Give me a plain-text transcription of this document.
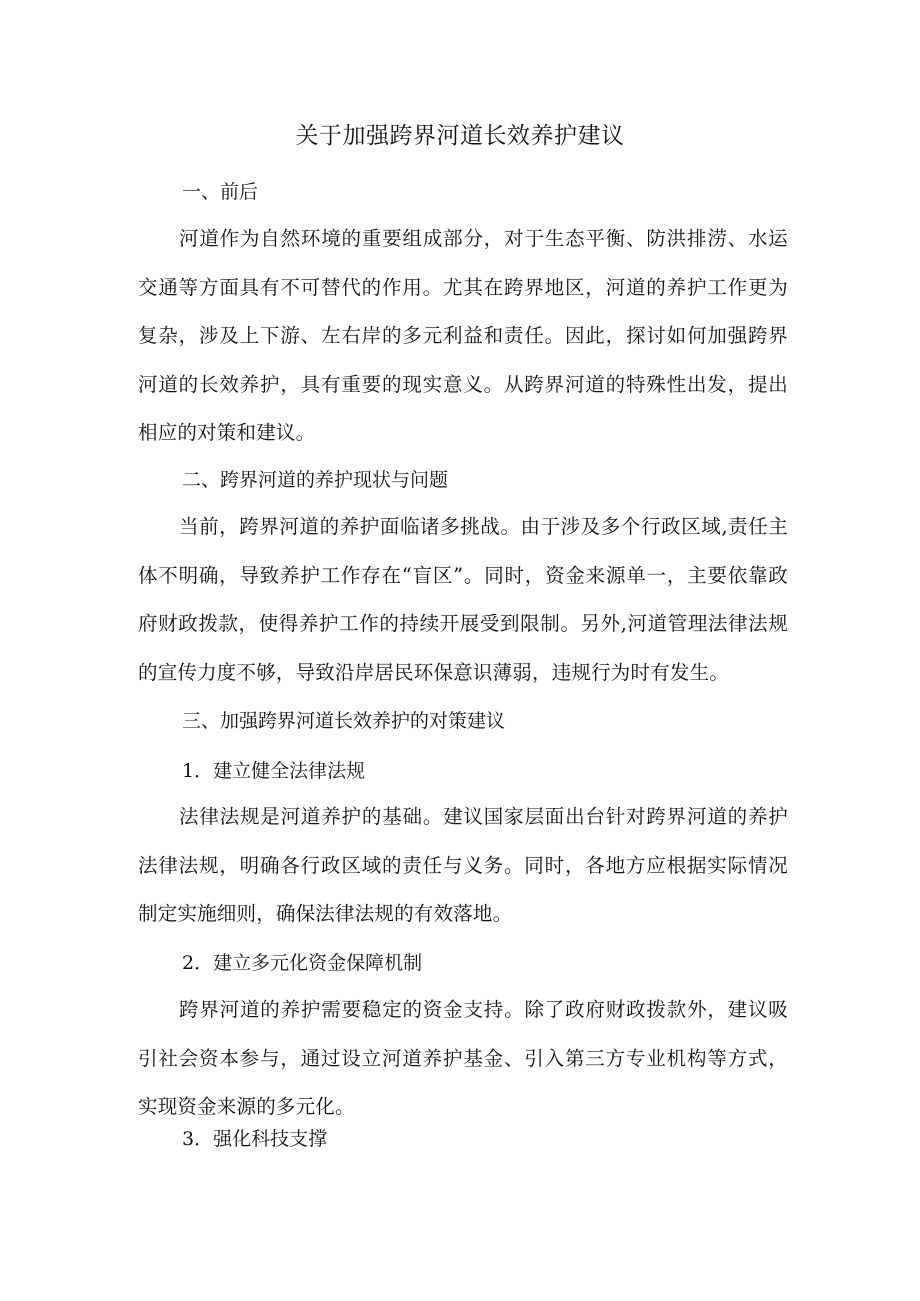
关于加强跨界河道长效养护建议
一、前后

河道作为自然环境的重要组成部分，对于生态平衡、防洪排涝、水运交通等方面具有不可替代的作用。尤其在跨界地区，河道的养护工作更为复杂，涉及上下游、左右岸的多元利益和责任。因此，探讨如何加强跨界河道的长效养护，具有重要的现实意义。从跨界河道的特殊性出发，提出相应的对策和建议。

二、跨界河道的养护现状与问题

当前，跨界河道的养护面临诸多挑战。由于涉及多个行政区域,责任主体不明确，导致养护工作存在“盲区”。同时，资金来源单一，主要依靠政府财政拨款，使得养护工作的持续开展受到限制。另外,河道管理法律法规的宣传力度不够，导致沿岸居民环保意识薄弱，违规行为时有发生。

三、加强跨界河道长效养护的对策建议
1．建立健全法律法规

法律法规是河道养护的基础。建议国家层面出台针对跨界河道的养护法律法规，明确各行政区域的责任与义务。同时，各地方应根据实际情况制定实施细则，确保法律法规的有效落地。

2．建立多元化资金保障机制

跨界河道的养护需要稳定的资金支持。除了政府财政拨款外，建议吸引社会资本参与，通过设立河道养护基金、引入第三方专业机构等方式，实现资金来源的多元化。

3．强化科技支撑
